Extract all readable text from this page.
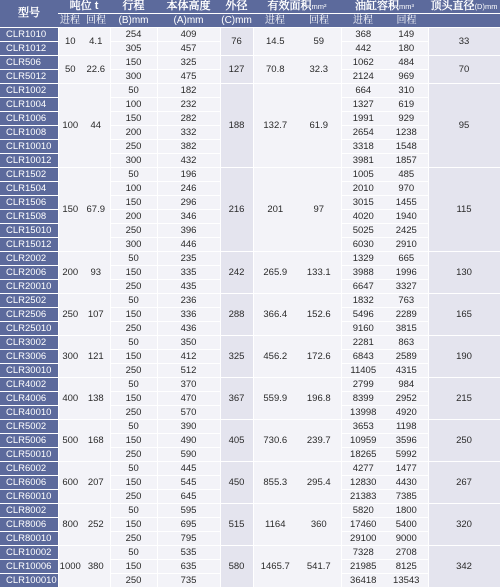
型号	吨位 t		行程	本体高度	外径	有效面积mm²		油缸容积mm³		顶头直径(D)mm	
	进程	回程	(B)mm	(A)mm	(C)mm	进程	回程	进程	回程		
CLR1010	10	4.1	254	409	76	14.5	59	368	149	33	
CLR1012			305	457				442	180	
CLR506	50	22.6	150	325	127	70.8	32.3	1062	484	70	
CLR5012			300	475				2124	969	
CLR1002	100	44	50	182	188	132.7	61.9	664	310	95	
CLR1004			100	232				1327	619	
CLR1006			150	282				1991	929	
CLR1008			200	332				2654	1238	
CLR10010			250	382				3318	1548	
CLR10012			300	432				3981	1857	
CLR1502	150	67.9	50	196	216	201	97	1005	485	115	
CLR1504			100	246				2010	970	
CLR1506			150	296				3015	1455	
CLR1508			200	346				4020	1940	
CLR15010			250	396				5025	2425	
CLR15012			300	446				6030	2910	
CLR2002	200	93	50	235	242	265.9	133.1	1329	665	130	
CLR2006			150	335				3988	1996	
CLR20010			250	435				6647	3327	
CLR2502	250	107	50	236	288	366.4	152.6	1832	763	165	
CLR2506			150	336				5496	2289	
CLR25010			250	436				9160	3815	
CLR3002	300	121	50	350	325	456.2	172.6	2281	863	190	
CLR3006			150	412				6843	2589	
CLR30010			250	512				11405	4315	
CLR4002	400	138	50	370	367	559.9	196.8	2799	984	215	
CLR4006			150	470				8399	2952	
CLR40010			250	570				13998	4920	
CLR5002	500	168	50	390	405	730.6	239.7	3653	1198	250	
CLR5006			150	490				10959	3596	
CLR50010			250	590				18265	5992	
CLR6002	600	207	50	445	450	855.3	295.4	4277	1477	267	
CLR6006			150	545				12830	4430	
CLR60010			250	645				21383	7385	
CLR8002	800	252	50	595	515	1164	360	5820	1800	320	
CLR8006			150	695				17460	5400	
CLR80010			250	795				29100	9000	
CLR10002	1000	380	50	535	580	1465.7	541.7	7328	2708	342	
CLR10006			150	635				21985	8125	
CLR100010			250	735				36418	13543	
